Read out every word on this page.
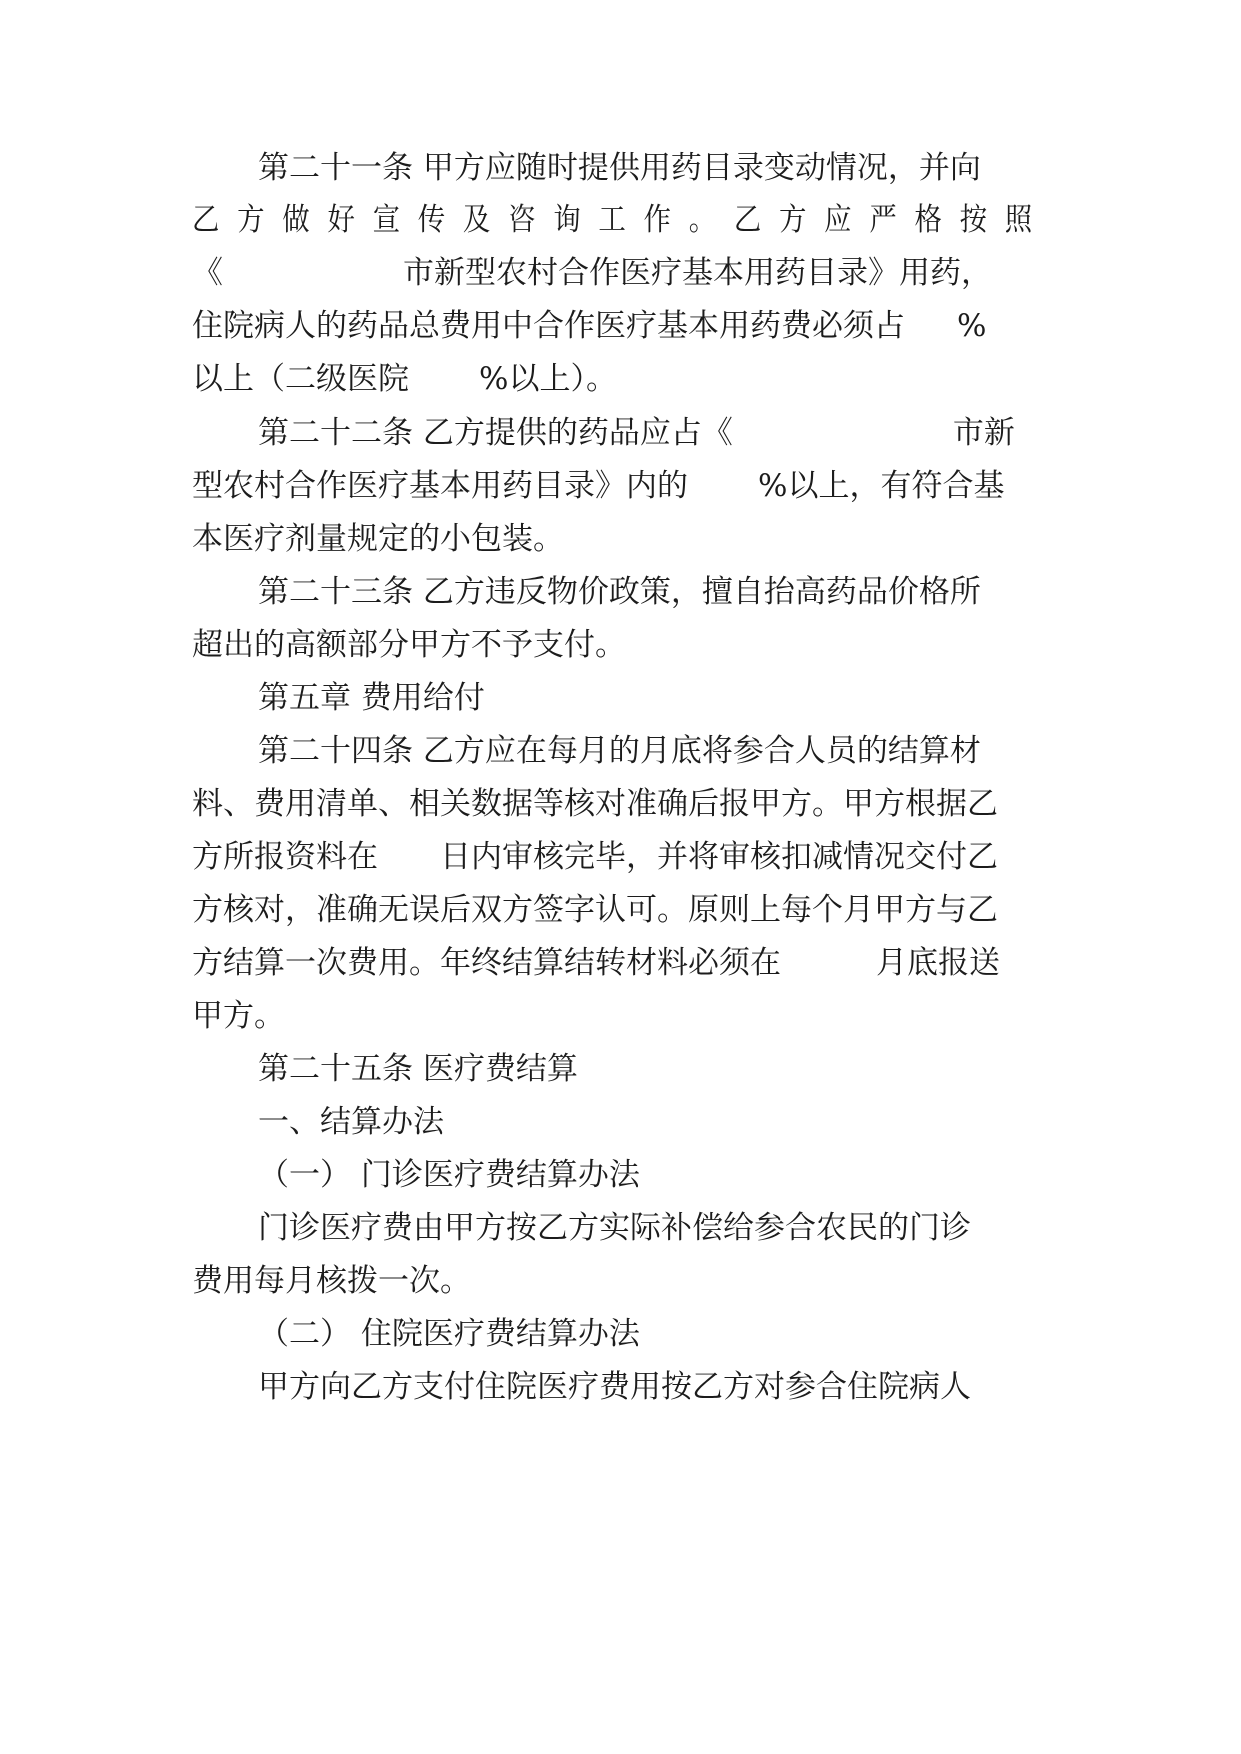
第二十一条 甲方应随时提供用药目录变动情况，并向
乙方做好宣传及咨询工作。乙方应严格按照
《	市新型农村合作医疗基本用药目录》用药，
住院病人的药品总费用中合作医疗基本用药费必须占 %
以上（二级医院 %以上）。
第二十二条 乙方提供的药品应占《	市新
型农村合作医疗基本用药目录》内的 %以上，有符合基
本医疗剂量规定的小包装。
第二十三条 乙方违反物价政策，擅自抬高药品价格所
超出的高额部分甲方不予支付。
第五章 费用给付
第二十四条 乙方应在每月的月底将参合人员的结算材
料、费用清单、相关数据等核对准确后报甲方。甲方根据乙
方所报资料在 日内审核完毕，并将审核扣减情况交付乙
方核对，准确无误后双方签字认可。原则上每个月甲方与乙
方结算一次费用。年终结算结转材料必须在	月底报送
甲方。
第二十五条 医疗费结算
一、结算办法
（一） 门诊医疗费结算办法
门诊医疗费由甲方按乙方实际补偿给参合农民的门诊
费用每月核拨一次。
（二） 住院医疗费结算办法
甲方向乙方支付住院医疗费用按乙方对参合住院病人
